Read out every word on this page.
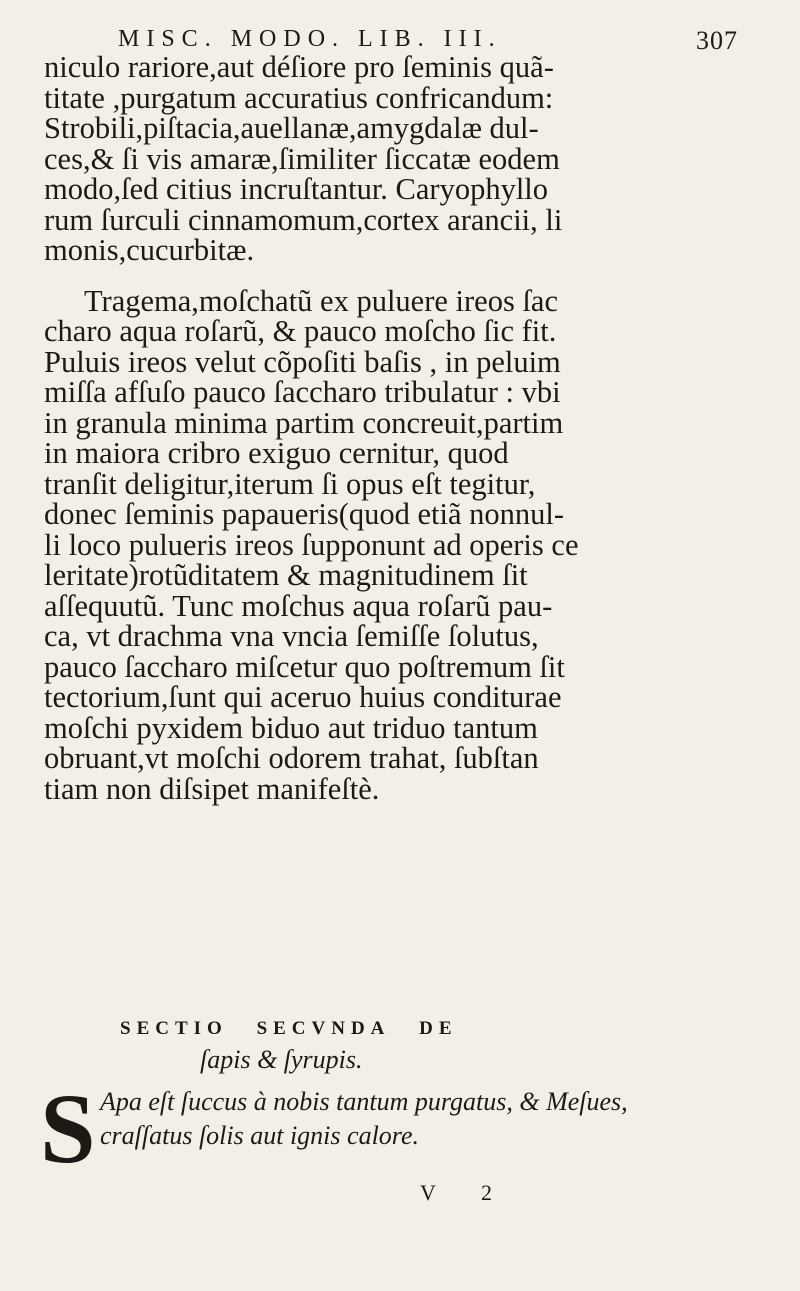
MISC. MODO. LIB. III.	307
niculo rariore,aut déſiore pro ſeminis quã-
titate ,purgatum accuratius confricandum:
Strobili,piſtacia,auellanæ,amygdalæ dul-
ces,& ſi vis amaræ,ſimiliter ſiccatæ eodem
modo,ſed citius incruſtantur. Caryophyllo
rum ſurculi cinnamomum,cortex arancii, li
monis,cucurbitæ.
Tragema,moſchatũ ex puluere ireos ſac
charo aqua roſarũ, & pauco moſcho ſic fit.
Puluis ireos velut cõpoſiti baſis , in peluim
miſſa afſuſo pauco ſaccharo tribulatur : vbi
in granula minima partim concreuit,partim
in maiora cribro exiguo cernitur, quod
tranſit deligitur,iterum ſi opus eſt tegitur,
donec ſeminis papaueris(quod etiã nonnul-
li loco pulueris ireos ſupponunt ad operis ce
leritate)rotũditatem & magnitudinem ſit
aſſequutũ. Tunc moſchus aqua roſarũ pau-
ca, vt drachma vna vncia ſemiſſe ſolutus,
pauco ſaccharo miſcetur quo poſtremum ſit
tectorium,ſunt qui aceruo huius conditurae
moſchi pyxidem biduo aut triduo tantum
obruant,vt moſchi odorem trahat, ſubſtan
tiam non diſsipet manifeſtè.
SECTIO SECVNDA DE
ſapis & ſyrupis.
S Apa eſt ſuccus à nobis tantum purgatus, & Meſues,
craſſatus ſolis aut ignis calore.
V 2
